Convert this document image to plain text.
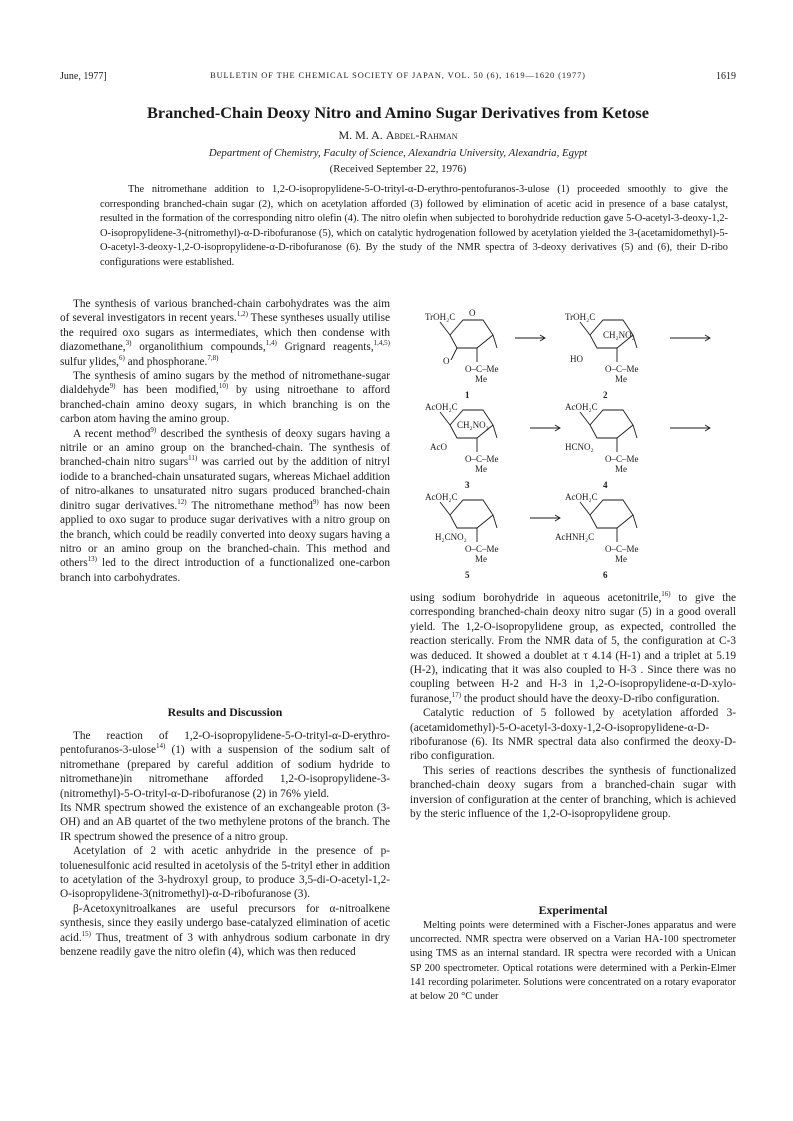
June, 1977]	BULLETIN OF THE CHEMICAL SOCIETY OF JAPAN, VOL. 50 (6), 1619—1620 (1977)	1619
Branched-Chain Deoxy Nitro and Amino Sugar Derivatives from Ketose
M. M. A. Abdel-Rahman
Department of Chemistry, Faculty of Science, Alexandria University, Alexandria, Egypt
(Received September 22, 1976)
The nitromethane addition to 1,2-O-isopropylidene-5-O-trityl-α-D-erythro-pentofuranos-3-ulose (1) proceeded smoothly to give the corresponding branched-chain sugar (2), which on acetylation afforded (3) followed by elimination of acetic acid in presence of a base catalyst, resulted in the formation of the corresponding nitro olefin (4). The nitro olefin when subjected to borohydride reduction gave 5-O-acetyl-3-deoxy-1,2-O-isopropylidene-3-(nitromethyl)-α-D-ribofuranose (5), which on catalytic hydrogenation followed by acetylation yielded the 3-(acetamidomethyl)-5-O-acetyl-3-deoxy-1,2-O-isopropylidene-α-D-ribofuranose (6). By the study of the NMR spectra of 3-deoxy derivatives (5) and (6), their D-ribo configurations were established.

The synthesis of various branched-chain carbohydrates was the aim of several investigators in recent years.$^{1,2)}$ These syntheses usually utilise the required oxo sugars as intermediates, which then condense with diazomethane,$^{3)}$ organolithium compounds,$^{1,4)}$ Grignard reagents,$^{1,4,5)}$ sulfur ylides,$^{6)}$ and phosphorane.$^{7,8)}$

The synthesis of amino sugars by the method of nitromethane-sugar dialdehyde$^{9)}$ has been modified,$^{10)}$ by using nitroethane to afford branched-chain amino deoxy sugars, in which branching is on the carbon atom having the amino group.

A recent method$^{9)}$ described the synthesis of deoxy sugars having a nitrile or an amino group on the branched-chain. The synthesis of branched-chain nitro sugars$^{11)}$ was carried out by the addition of nitryl iodide to a branched-chain unsaturated sugars, whereas Michael addition of nitro-alkanes to unsaturated nitro sugars produced branched-chain dinitro sugar derivatives.$^{12)}$ The nitromethane method$^{9)}$ has now been applied to oxo sugar to produce sugar derivatives with a nitro group on the branch, which could be readily converted into deoxy sugars having a nitro or an amino group on the branched-chain. This method and others$^{13)}$ led to the direct introduction of a functionalized one-carbon branch into carbohydrates.

Results and Discussion

The reaction of 1,2-O-isopropylidene-5-O-trityl-α-D-erythro-pentofuranos-3-ulose$^{14)}$ (1) with a suspension of the sodium salt of nitromethane (prepared by careful addition of sodium hydride to nitromethane)in nitromethane afforded 1,2-O-isopropylidene-3-(nitromethyl)-5-O-trityl-α-D-ribofuranose (2) in 76% yield.

Its NMR spectrum showed the existence of an exchangeable proton (3-OH) and an AB quartet of the two methylene protons of the branch. The IR spectrum showed the presence of a nitro group.

Acetylation of 2 with acetic anhydride in the presence of p-toluenesulfonic acid resulted in acetolysis of the 5-trityl ether in addition to acetylation of the 3-hydroxyl group, to produce 3,5-di-O-acetyl-1,2-O-isopropylidene-3(nitromethyl)-α-D-ribofuranose (3).

β-Acetoxynitroalkanes are useful precursors for α-nitroalkene synthesis, since they easily undergo base-catalyzed elimination of acetic acid.$^{15)}$ Thus, treatment of 3 with anhydrous sodium carbonate in dry benzene readily gave the nitro olefin (4), which was then reduced

TrOH₂C O
O
O–C–Me
Me
1
TrOH₂C
CH₂NO₂
HO
O–C–Me
Me
2
AcOH₂C
CH₂NO₂
AcO
O–C–Me
Me
3
AcOH₂C
HCNO₂
O–C–Me
Me
4
AcOH₂C
H₂CNO₂
O–C–Me
Me
5
AcOH₂C
AcHNH₂C
O–C–Me
Me
6

using sodium borohydride in aqueous acetonitrile,$^{16)}$ to give the corresponding branched-chain deoxy nitro sugar (5) in a good overall yield. The 1,2-O-isopropylidene group, as expected, controlled the reaction sterically. From the NMR data of 5, the configuration at C-3 was deduced. It showed a doublet at τ 4.14 (H-1) and a triplet at 5.19 (H-2), indicating that it was also coupled to H-3 . Since there was no coupling between H-2 and H-3 in 1,2-O-isopropylidene-α-D-xylo-furanose,$^{17)}$ the product should have the deoxy-D-ribo configuration.

Catalytic reduction of 5 followed by acetylation afforded 3-(acetamidomethyl)-5-O-acetyl-3-doxy-1,2-O-isopropylidene-α-D-ribofuranose (6). Its NMR spectral data also confirmed the deoxy-D-ribo configuration.

This series of reactions describes the synthesis of functionalized branched-chain deoxy sugars from a branched-chain sugar with inversion of configuration at the center of branching, which is achieved by the steric influence of the 1,2-O-isopropylidene group.

Experimental

Melting points were determined with a Fischer-Jones apparatus and were uncorrected. NMR spectra were observed on a Varian HA-100 spectrometer using TMS as an internal standard. IR spectra were recorded with a Unican SP 200 spectrometer. Optical rotations were determined with a Perkin-Elmer 141 recording polarimeter. Solutions were concentrated on a rotary evaporator at below 20 °C under
